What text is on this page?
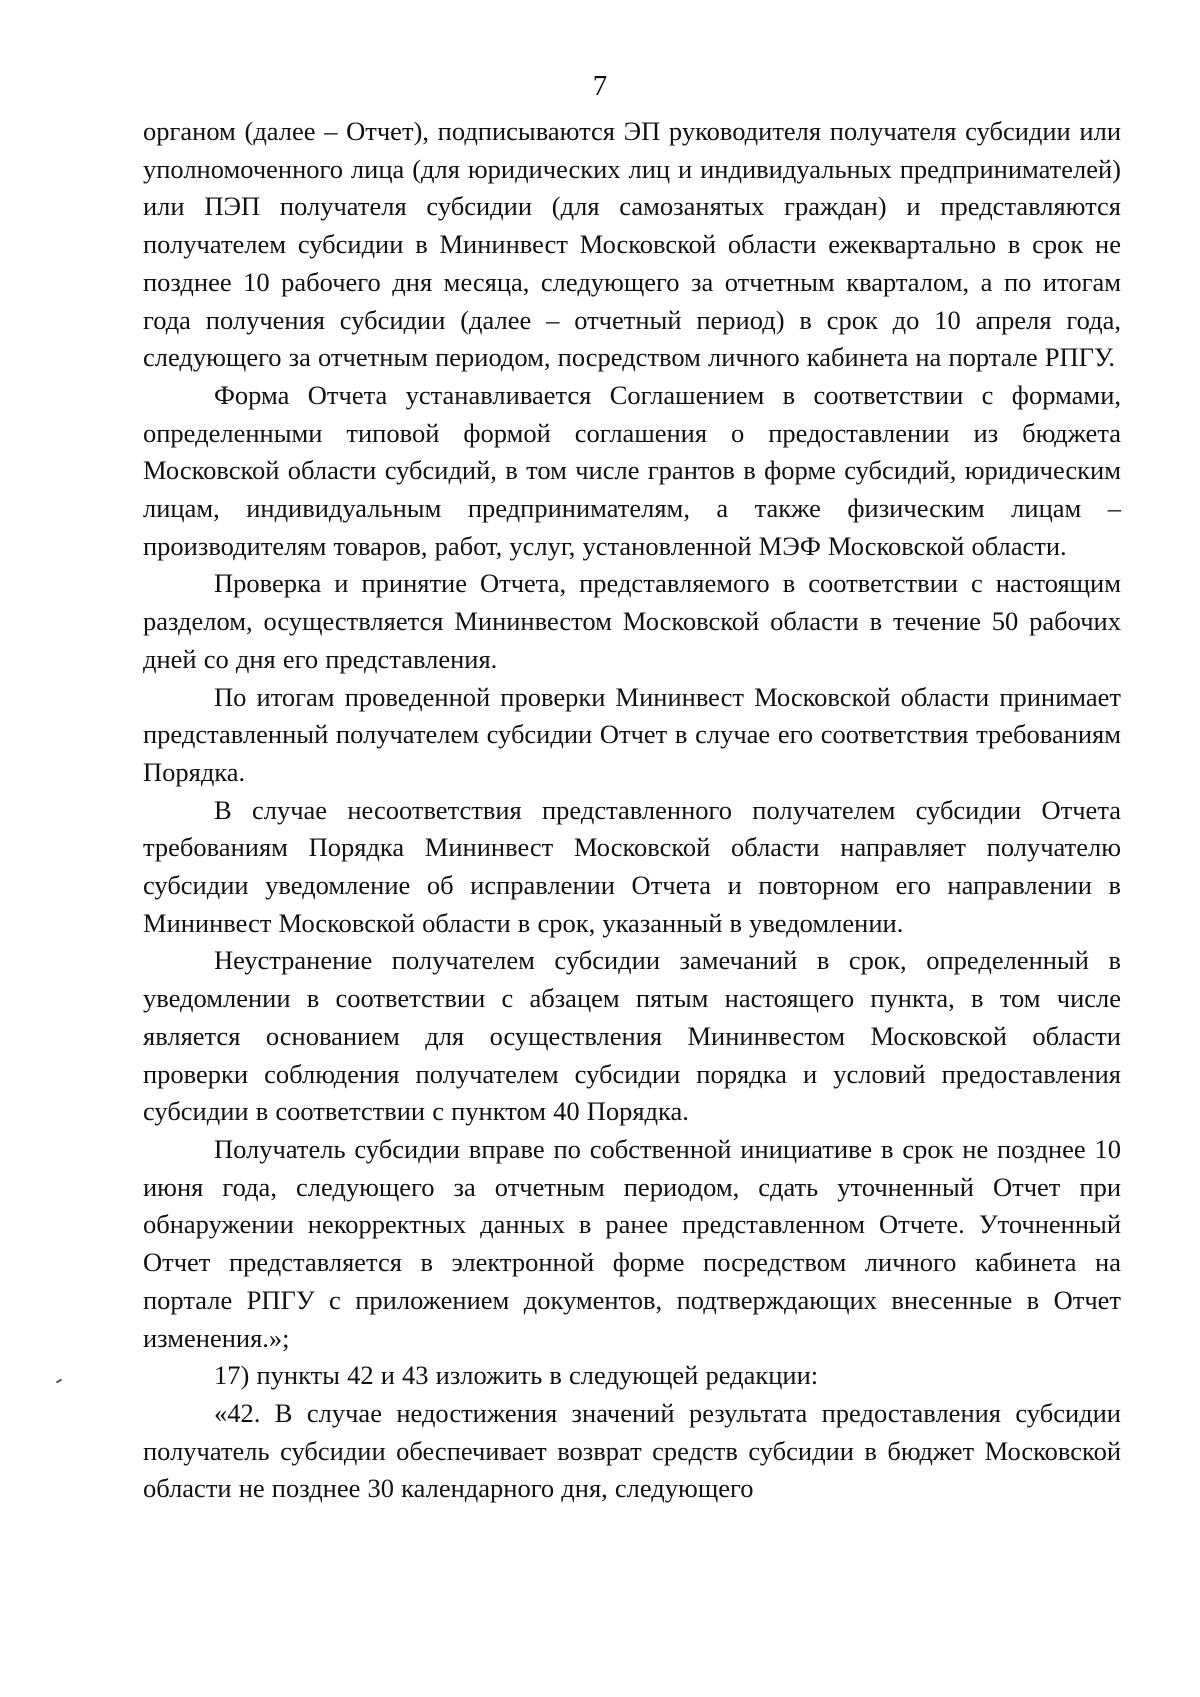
7

органом (далее – Отчет), подписываются ЭП руководителя получателя субсидии или уполномоченного лица (для юридических лиц и индивидуальных предпринимателей) или ПЭП получателя субсидии (для самозанятых граждан) и представляются получателем субсидии в Мининвест Московской области ежеквартально в срок не позднее 10 рабочего дня месяца, следующего за отчетным кварталом, а по итогам года получения субсидии (далее – отчетный период) в срок до 10 апреля года, следующего за отчетным периодом, посредством личного кабинета на портале РПГУ.

Форма Отчета устанавливается Соглашением в соответствии с формами, определенными типовой формой соглашения о предоставлении из бюджета Московской области субсидий, в том числе грантов в форме субсидий, юридическим лицам, индивидуальным предпринимателям, а также физическим лицам – производителям товаров, работ, услуг, установленной МЭФ Московской области.

Проверка и принятие Отчета, представляемого в соответствии с настоящим разделом, осуществляется Мининвестом Московской области в течение 50 рабочих дней со дня его представления.

По итогам проведенной проверки Мининвест Московской области принимает представленный получателем субсидии Отчет в случае его соответствия требованиям Порядка.

В случае несоответствия представленного получателем субсидии Отчета требованиям Порядка Мининвест Московской области направляет получателю субсидии уведомление об исправлении Отчета и повторном его направлении в Мининвест Московской области в срок, указанный в уведомлении.

Неустранение получателем субсидии замечаний в срок, определенный в уведомлении в соответствии с абзацем пятым настоящего пункта, в том числе является основанием для осуществления Мининвестом Московской области проверки соблюдения получателем субсидии порядка и условий предоставления субсидии в соответствии с пунктом 40 Порядка.

Получатель субсидии вправе по собственной инициативе в срок не позднее 10 июня года, следующего за отчетным периодом, сдать уточненный Отчет при обнаружении некорректных данных в ранее представленном Отчете. Уточненный Отчет представляется в электронной форме посредством личного кабинета на портале РПГУ с приложением документов, подтверждающих внесенные в Отчет изменения.»;

17) пункты 42 и 43 изложить в следующей редакции:

«42. В случае недостижения значений результата предоставления субсидии получатель субсидии обеспечивает возврат средств субсидии в бюджет Московской области не позднее 30 календарного дня, следующего
